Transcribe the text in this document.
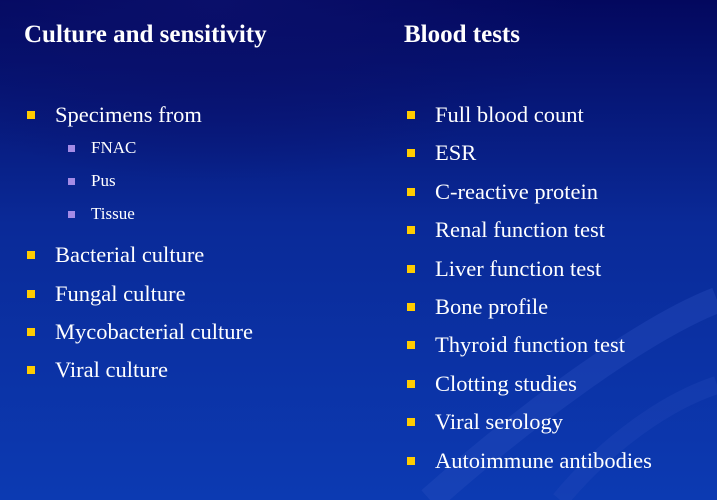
Culture and sensitivity
Specimens from
FNAC
Pus
Tissue
Bacterial culture
Fungal culture
Mycobacterial culture
Viral culture
Blood tests
Full blood count
ESR
C-reactive protein
Renal function test
Liver function test
Bone profile
Thyroid function test
Clotting studies
Viral serology
Autoimmune antibodies
